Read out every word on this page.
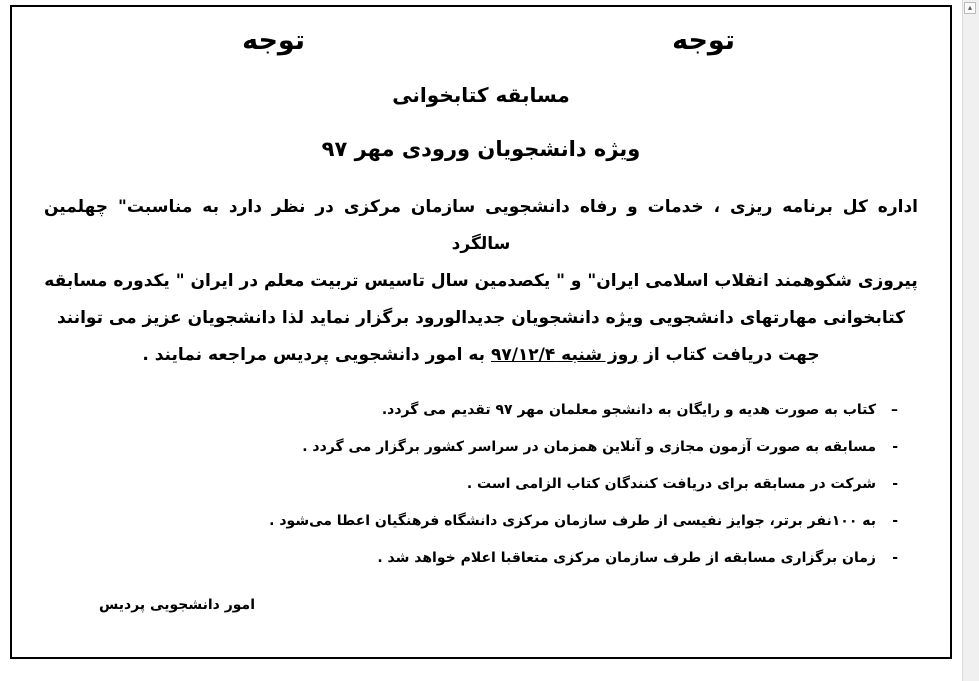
▴
توجه
توجه
مسابقه کتابخوانی
ویژه دانشجویان ورودی مهر ۹۷

اداره کل برنامه ریزی ، خدمات و رفاه دانشجویی سازمان مرکزی در نظر دارد به مناسبت" چهلمین سالگرد

پیروزی شکوهمند انقلاب اسلامی ایران" و " یکصدمین سال تاسیس تربیت معلم در ایران " یکدوره مسابقه

کتابخوانی مهارتهای دانشجویی ویژه دانشجویان جدیدالورود برگزار نماید لذا دانشجویان عزیز می توانند

جهت دریافت کتاب از روز شنبه ۹۷/۱۲/۴ به امور دانشجویی پردیس مراجعه نمایند .

–کتاب به صورت هدیه و رایگان به دانشجو معلمان مهر ۹۷ تقدیم می گردد.
-مسابقه به صورت آزمون مجازی و آنلاین همزمان در سراسر کشور برگزار می گردد .
-شرکت در مسابقه برای دریافت کنندگان کتاب الزامی است .
-به ۱۰۰نفر برتر، جوایز نفیسی از طرف سازمان مرکزی دانشگاه فرهنگیان اعطا می‌شود .
-زمان برگزاری مسابقه از طرف سازمان مرکزی متعاقبا اعلام خواهد شد .
امور دانشجویی پردیس
